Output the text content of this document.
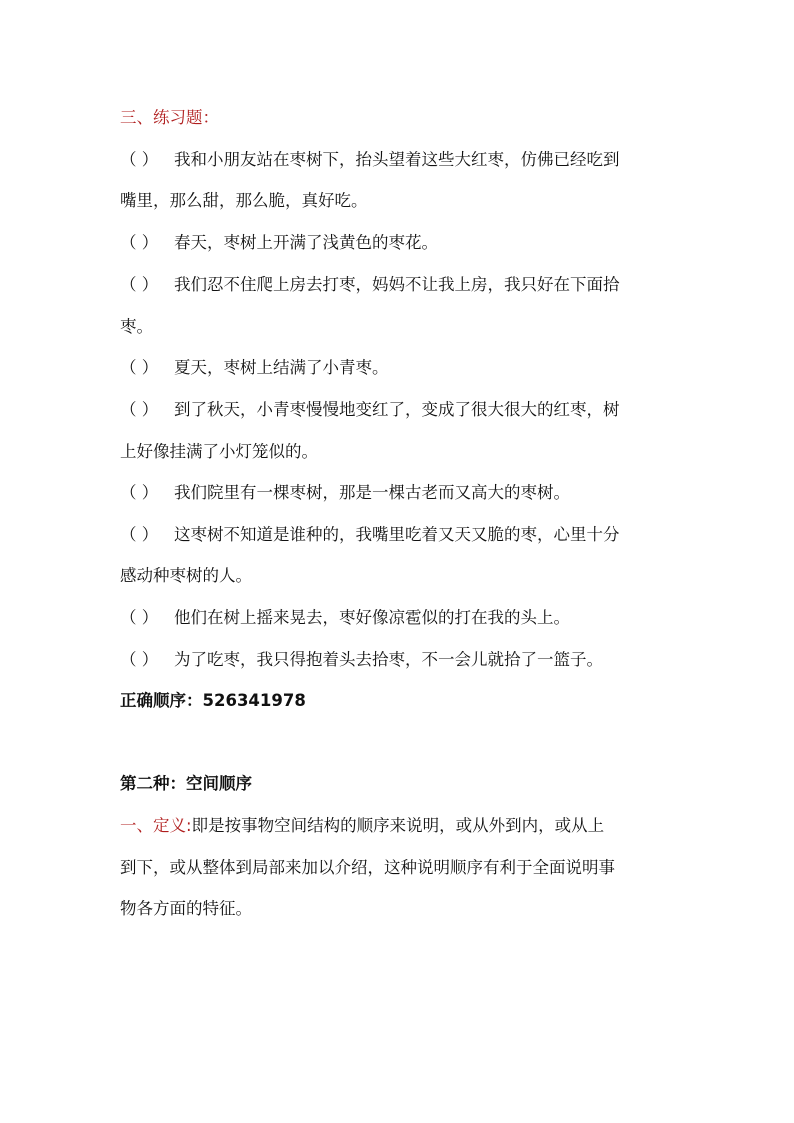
三、练习题：
（ ） 我和小朋友站在枣树下，抬头望着这些大红枣，仿佛已经吃到
嘴里，那么甜，那么脆，真好吃。
（ ） 春天，枣树上开满了浅黄色的枣花。
（ ） 我们忍不住爬上房去打枣，妈妈不让我上房，我只好在下面拾
枣。
（ ） 夏天，枣树上结满了小青枣。
（ ） 到了秋天，小青枣慢慢地变红了，变成了很大很大的红枣，树
上好像挂满了小灯笼似的。
（ ） 我们院里有一棵枣树，那是一棵古老而又高大的枣树。
（ ） 这枣树不知道是谁种的，我嘴里吃着又天又脆的枣，心里十分
感动种枣树的人。
（ ） 他们在树上摇来晃去，枣好像凉雹似的打在我的头上。
（ ） 为了吃枣，我只得抱着头去拾枣，不一会儿就拾了一篮子。
正确顺序：526341978
第二种：空间顺序
一、定义:即是按事物空间结构的顺序来说明，或从外到内，或从上
到下，或从整体到局部来加以介绍，这种说明顺序有利于全面说明事
物各方面的特征。
